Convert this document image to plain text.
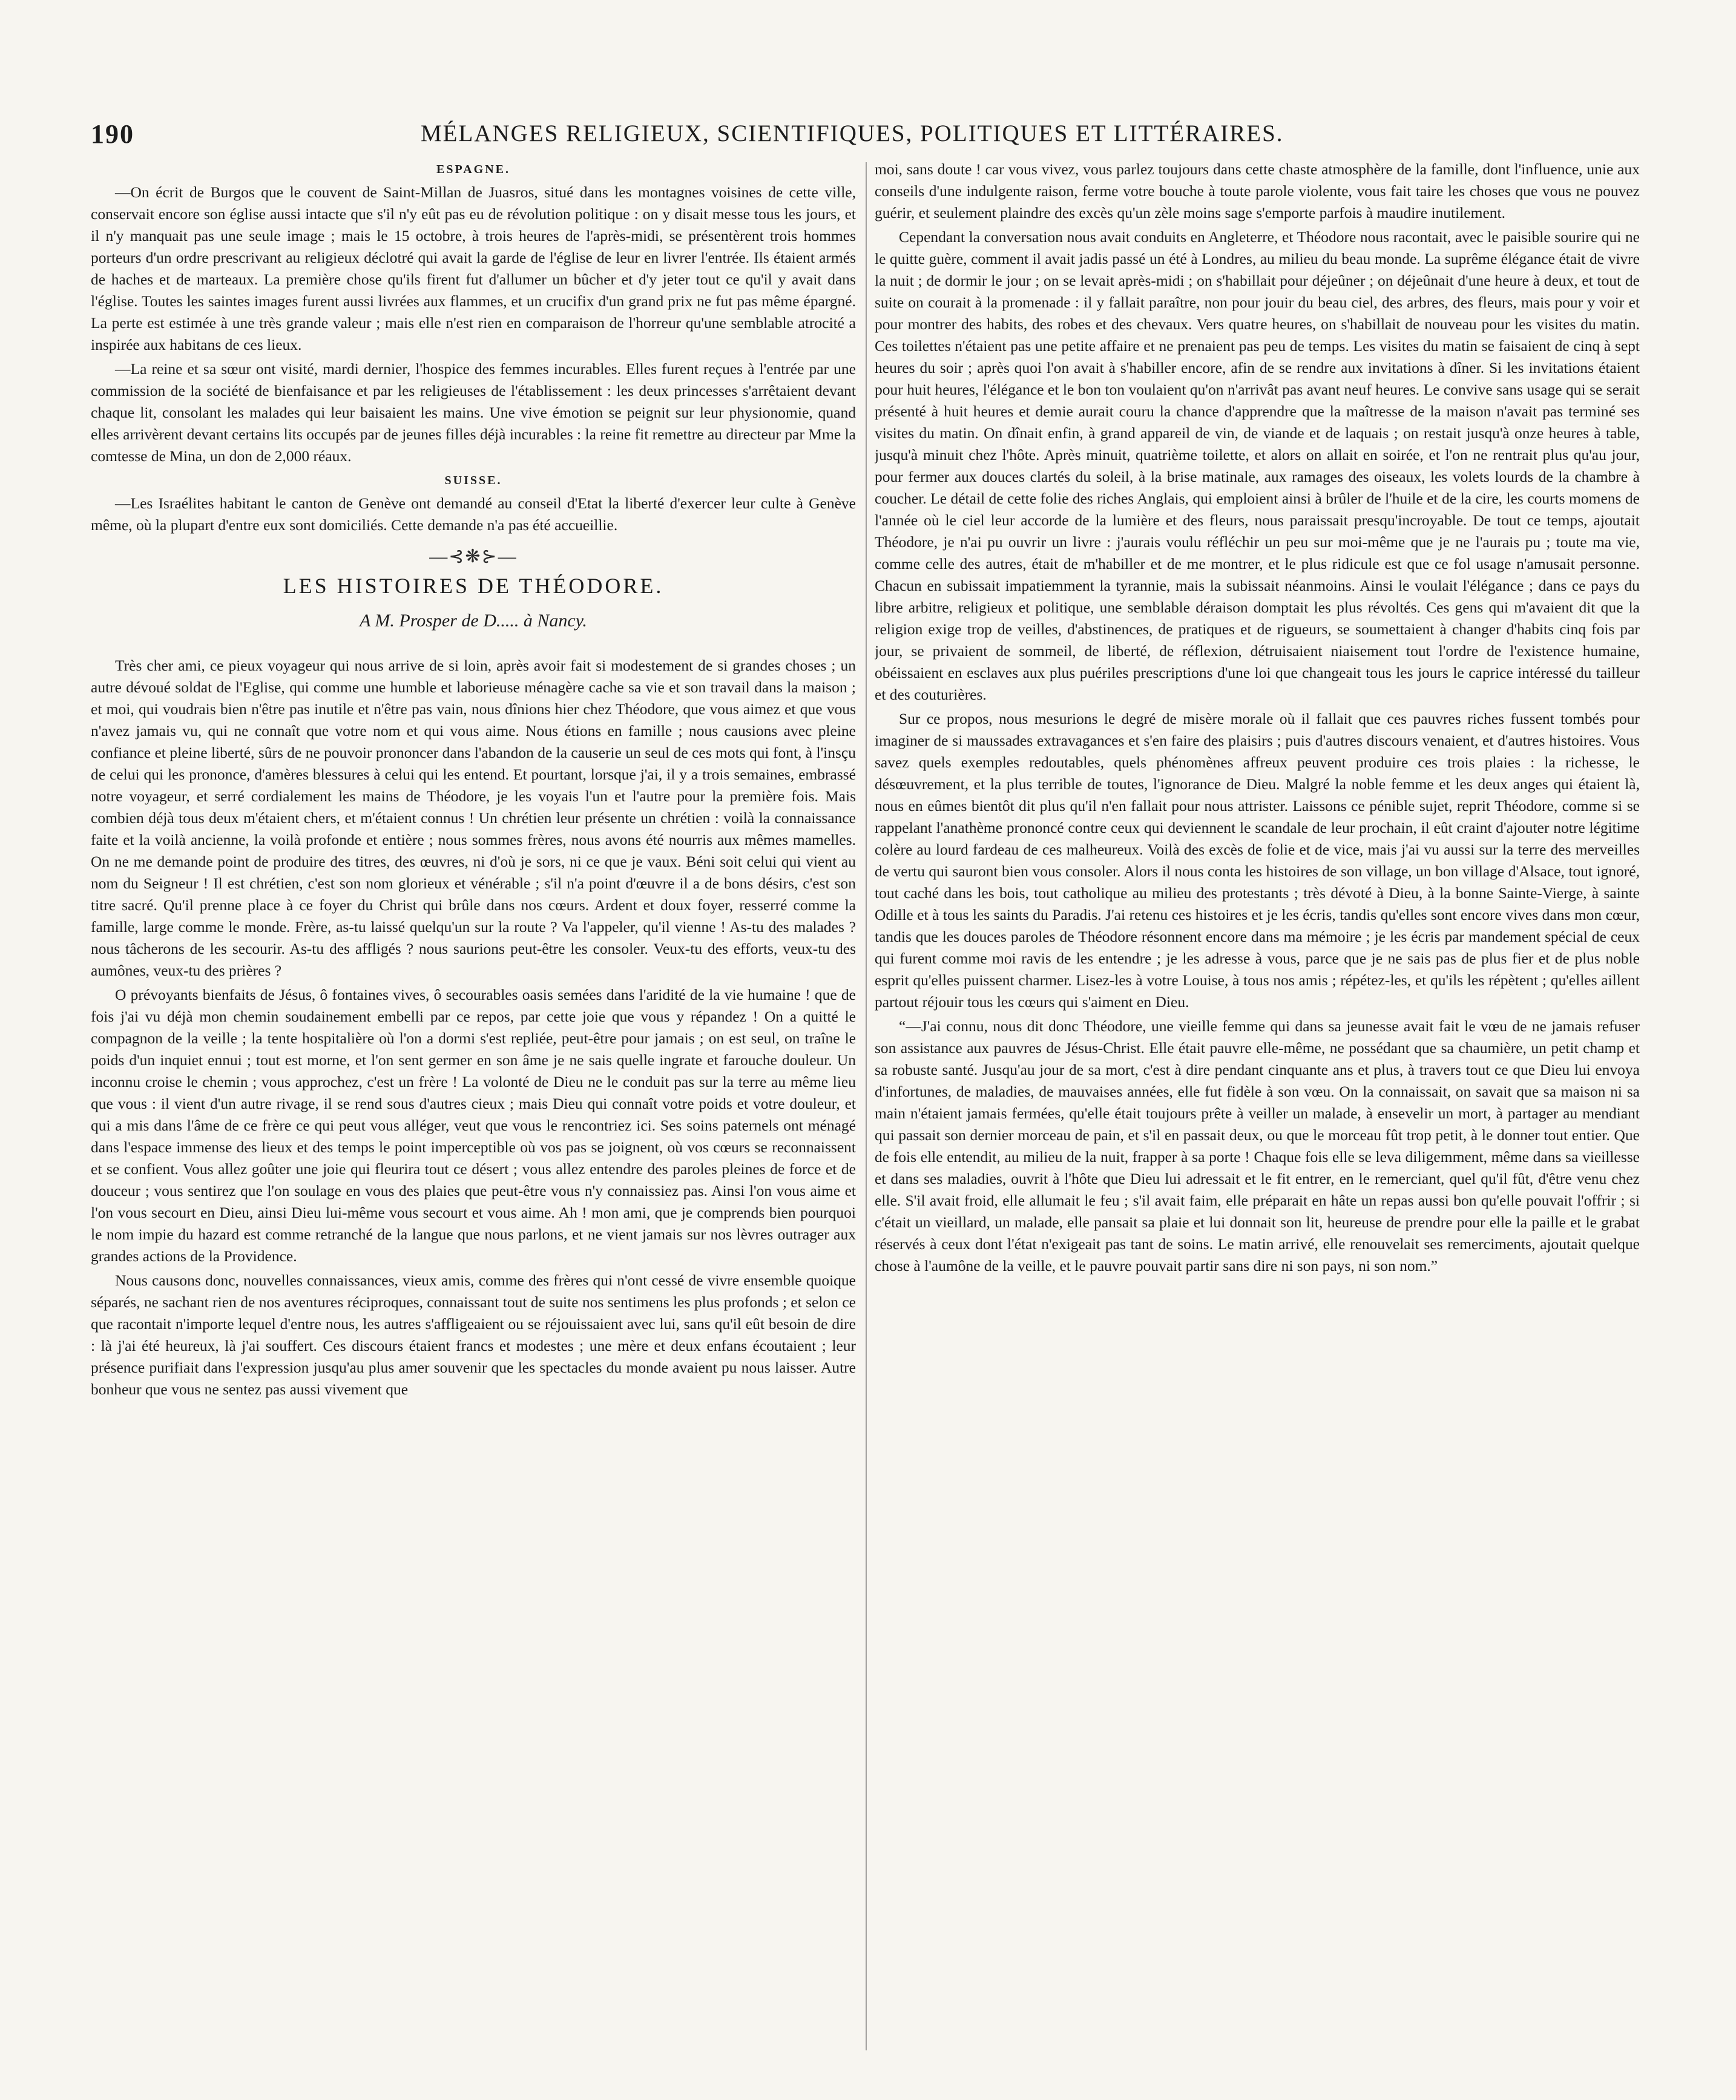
190	MÉLANGES RELIGIEUX, SCIENTIFIQUES, POLITIQUES ET LITTÉRAIRES.
ESPAGNE.

—On écrit de Burgos que le couvent de Saint-Millan de Juasros, situé dans les montagnes voisines de cette ville, conservait encore son église aussi intacte que s'il n'y eût pas eu de révolution politique : on y disait messe tous les jours, et il n'y manquait pas une seule image ; mais le 15 octobre, à trois heures de l'après-midi, se présentèrent trois hommes porteurs d'un ordre prescrivant au religieux déclotré qui avait la garde de l'église de leur en livrer l'entrée. Ils étaient armés de haches et de marteaux. La première chose qu'ils firent fut d'allumer un bûcher et d'y jeter tout ce qu'il y avait dans l'église. Toutes les saintes images furent aussi livrées aux flammes, et un crucifix d'un grand prix ne fut pas même épargné. La perte est estimée à une très grande valeur ; mais elle n'est rien en comparaison de l'horreur qu'une semblable atrocité a inspirée aux habitans de ces lieux.

—La reine et sa sœur ont visité, mardi dernier, l'hospice des femmes incurables. Elles furent reçues à l'entrée par une commission de la société de bienfaisance et par les religieuses de l'établissement : les deux princesses s'arrêtaient devant chaque lit, consolant les malades qui leur baisaient les mains. Une vive émotion se peignit sur leur physionomie, quand elles arrivèrent devant certains lits occupés par de jeunes filles déjà incurables : la reine fit remettre au directeur par Mme la comtesse de Mina, un don de 2,000 réaux.

SUISSE.

—Les Israélites habitant le canton de Genève ont demandé au conseil d'Etat la liberté d'exercer leur culte à Genève même, où la plupart d'entre eux sont domiciliés. Cette demande n'a pas été accueillie.

—⊰❋⊱—
LES HISTOIRES DE THÉODORE.
A M. Prosper de D..... à Nancy.

Très cher ami, ce pieux voyageur qui nous arrive de si loin, après avoir fait si modestement de si grandes choses ; un autre dévoué soldat de l'Eglise, qui comme une humble et laborieuse ménagère cache sa vie et son travail dans la maison ; et moi, qui voudrais bien n'être pas inutile et n'être pas vain, nous dînions hier chez Théodore, que vous aimez et que vous n'avez jamais vu, qui ne connaît que votre nom et qui vous aime. Nous étions en famille ; nous causions avec pleine confiance et pleine liberté, sûrs de ne pouvoir prononcer dans l'abandon de la causerie un seul de ces mots qui font, à l'insçu de celui qui les prononce, d'amères blessures à celui qui les entend. Et pourtant, lorsque j'ai, il y a trois semaines, embrassé notre voyageur, et serré cordialement les mains de Théodore, je les voyais l'un et l'autre pour la première fois. Mais combien déjà tous deux m'étaient chers, et m'étaient connus ! Un chrétien leur présente un chrétien : voilà la connaissance faite et la voilà ancienne, la voilà profonde et entière ; nous sommes frères, nous avons été nourris aux mêmes mamelles. On ne me demande point de produire des titres, des œuvres, ni d'où je sors, ni ce que je vaux. Béni soit celui qui vient au nom du Seigneur ! Il est chrétien, c'est son nom glorieux et vénérable ; s'il n'a point d'œuvre il a de bons désirs, c'est son titre sacré. Qu'il prenne place à ce foyer du Christ qui brûle dans nos cœurs. Ardent et doux foyer, resserré comme la famille, large comme le monde. Frère, as-tu laissé quelqu'un sur la route ? Va l'appeler, qu'il vienne ! As-tu des malades ? nous tâcherons de les secourir. As-tu des affligés ? nous saurions peut-être les consoler. Veux-tu des efforts, veux-tu des aumônes, veux-tu des prières ?

O prévoyants bienfaits de Jésus, ô fontaines vives, ô secourables oasis semées dans l'aridité de la vie humaine ! que de fois j'ai vu déjà mon chemin soudainement embelli par ce repos, par cette joie que vous y répandez ! On a quitté le compagnon de la veille ; la tente hospitalière où l'on a dormi s'est repliée, peut-être pour jamais ; on est seul, on traîne le poids d'un inquiet ennui ; tout est morne, et l'on sent germer en son âme je ne sais quelle ingrate et farouche douleur. Un inconnu croise le chemin ; vous approchez, c'est un frère ! La volonté de Dieu ne le conduit pas sur la terre au même lieu que vous : il vient d'un autre rivage, il se rend sous d'autres cieux ; mais Dieu qui connaît votre poids et votre douleur, et qui a mis dans l'âme de ce frère ce qui peut vous alléger, veut que vous le rencontriez ici. Ses soins paternels ont ménagé dans l'espace immense des lieux et des temps le point imperceptible où vos pas se joignent, où vos cœurs se reconnaissent et se confient. Vous allez goûter une joie qui fleurira tout ce désert ; vous allez entendre des paroles pleines de force et de douceur ; vous sentirez que l'on soulage en vous des plaies que peut-être vous n'y connaissiez pas. Ainsi l'on vous aime et l'on vous secourt en Dieu, ainsi Dieu lui-même vous secourt et vous aime. Ah ! mon ami, que je comprends bien pourquoi le nom impie du hazard est comme retranché de la langue que nous parlons, et ne vient jamais sur nos lèvres outrager aux grandes actions de la Providence.

Nous causons donc, nouvelles connaissances, vieux amis, comme des frères qui n'ont cessé de vivre ensemble quoique séparés, ne sachant rien de nos aventures réciproques, connaissant tout de suite nos sentimens les plus profonds ; et selon ce que racontait n'importe lequel d'entre nous, les autres s'affligeaient ou se réjouissaient avec lui, sans qu'il eût besoin de dire : là j'ai été heureux, là j'ai souffert. Ces discours étaient francs et modestes ; une mère et deux enfans écoutaient ; leur présence purifiait dans l'expression jusqu'au plus amer souvenir que les spectacles du monde avaient pu nous laisser. Autre bonheur que vous ne sentez pas aussi vivement que

moi, sans doute ! car vous vivez, vous parlez toujours dans cette chaste atmosphère de la famille, dont l'influence, unie aux conseils d'une indulgente raison, ferme votre bouche à toute parole violente, vous fait taire les choses que vous ne pouvez guérir, et seulement plaindre des excès qu'un zèle moins sage s'emporte parfois à maudire inutilement.

Cependant la conversation nous avait conduits en Angleterre, et Théodore nous racontait, avec le paisible sourire qui ne le quitte guère, comment il avait jadis passé un été à Londres, au milieu du beau monde. La suprême élégance était de vivre la nuit ; de dormir le jour ; on se levait après-midi ; on s'habillait pour déjeûner ; on déjeûnait d'une heure à deux, et tout de suite on courait à la promenade : il y fallait paraître, non pour jouir du beau ciel, des arbres, des fleurs, mais pour y voir et pour montrer des habits, des robes et des chevaux. Vers quatre heures, on s'habillait de nouveau pour les visites du matin. Ces toilettes n'étaient pas une petite affaire et ne prenaient pas peu de temps. Les visites du matin se faisaient de cinq à sept heures du soir ; après quoi l'on avait à s'habiller encore, afin de se rendre aux invitations à dîner. Si les invitations étaient pour huit heures, l'élégance et le bon ton voulaient qu'on n'arrivât pas avant neuf heures. Le convive sans usage qui se serait présenté à huit heures et demie aurait couru la chance d'apprendre que la maîtresse de la maison n'avait pas terminé ses visites du matin. On dînait enfin, à grand appareil de vin, de viande et de laquais ; on restait jusqu'à onze heures à table, jusqu'à minuit chez l'hôte. Après minuit, quatrième toilette, et alors on allait en soirée, et l'on ne rentrait plus qu'au jour, pour fermer aux douces clartés du soleil, à la brise matinale, aux ramages des oiseaux, les volets lourds de la chambre à coucher. Le détail de cette folie des riches Anglais, qui emploient ainsi à brûler de l'huile et de la cire, les courts momens de l'année où le ciel leur accorde de la lumière et des fleurs, nous paraissait presqu'incroyable. De tout ce temps, ajoutait Théodore, je n'ai pu ouvrir un livre : j'aurais voulu réfléchir un peu sur moi-même que je ne l'aurais pu ; toute ma vie, comme celle des autres, était de m'habiller et de me montrer, et le plus ridicule est que ce fol usage n'amusait personne. Chacun en subissait impatiemment la tyrannie, mais la subissait néanmoins. Ainsi le voulait l'élégance ; dans ce pays du libre arbitre, religieux et politique, une semblable déraison domptait les plus révoltés. Ces gens qui m'avaient dit que la religion exige trop de veilles, d'abstinences, de pratiques et de rigueurs, se soumettaient à changer d'habits cinq fois par jour, se privaient de sommeil, de liberté, de réflexion, détruisaient niaisement tout l'ordre de l'existence humaine, obéissaient en esclaves aux plus puériles prescriptions d'une loi que changeait tous les jours le caprice intéressé du tailleur et des couturières.

Sur ce propos, nous mesurions le degré de misère morale où il fallait que ces pauvres riches fussent tombés pour imaginer de si maussades extravagances et s'en faire des plaisirs ; puis d'autres discours venaient, et d'autres histoires. Vous savez quels exemples redoutables, quels phénomènes affreux peuvent produire ces trois plaies : la richesse, le désœuvrement, et la plus terrible de toutes, l'ignorance de Dieu. Malgré la noble femme et les deux anges qui étaient là, nous en eûmes bientôt dit plus qu'il n'en fallait pour nous attrister. Laissons ce pénible sujet, reprit Théodore, comme si se rappelant l'anathème prononcé contre ceux qui deviennent le scandale de leur prochain, il eût craint d'ajouter notre légitime colère au lourd fardeau de ces malheureux. Voilà des excès de folie et de vice, mais j'ai vu aussi sur la terre des merveilles de vertu qui sauront bien vous consoler. Alors il nous conta les histoires de son village, un bon village d'Alsace, tout ignoré, tout caché dans les bois, tout catholique au milieu des protestants ; très dévoté à Dieu, à la bonne Sainte-Vierge, à sainte Odille et à tous les saints du Paradis. J'ai retenu ces histoires et je les écris, tandis qu'elles sont encore vives dans mon cœur, tandis que les douces paroles de Théodore résonnent encore dans ma mémoire ; je les écris par mandement spécial de ceux qui furent comme moi ravis de les entendre ; je les adresse à vous, parce que je ne sais pas de plus fier et de plus noble esprit qu'elles puissent charmer. Lisez-les à votre Louise, à tous nos amis ; répétez-les, et qu'ils les répètent ; qu'elles aillent partout réjouir tous les cœurs qui s'aiment en Dieu.

“—J'ai connu, nous dit donc Théodore, une vieille femme qui dans sa jeunesse avait fait le vœu de ne jamais refuser son assistance aux pauvres de Jésus-Christ. Elle était pauvre elle-même, ne possédant que sa chaumière, un petit champ et sa robuste santé. Jusqu'au jour de sa mort, c'est à dire pendant cinquante ans et plus, à travers tout ce que Dieu lui envoya d'infortunes, de maladies, de mauvaises années, elle fut fidèle à son vœu. On la connaissait, on savait que sa maison ni sa main n'étaient jamais fermées, qu'elle était toujours prête à veiller un malade, à ensevelir un mort, à partager au mendiant qui passait son dernier morceau de pain, et s'il en passait deux, ou que le morceau fût trop petit, à le donner tout entier. Que de fois elle entendit, au milieu de la nuit, frapper à sa porte ! Chaque fois elle se leva diligemment, même dans sa vieillesse et dans ses maladies, ouvrit à l'hôte que Dieu lui adressait et le fit entrer, en le remerciant, quel qu'il fût, d'être venu chez elle. S'il avait froid, elle allumait le feu ; s'il avait faim, elle préparait en hâte un repas aussi bon qu'elle pouvait l'offrir ; si c'était un vieillard, un malade, elle pansait sa plaie et lui donnait son lit, heureuse de prendre pour elle la paille et le grabat réservés à ceux dont l'état n'exigeait pas tant de soins. Le matin arrivé, elle renouvelait ses remerciments, ajoutait quelque chose à l'aumône de la veille, et le pauvre pouvait partir sans dire ni son pays, ni son nom.”
